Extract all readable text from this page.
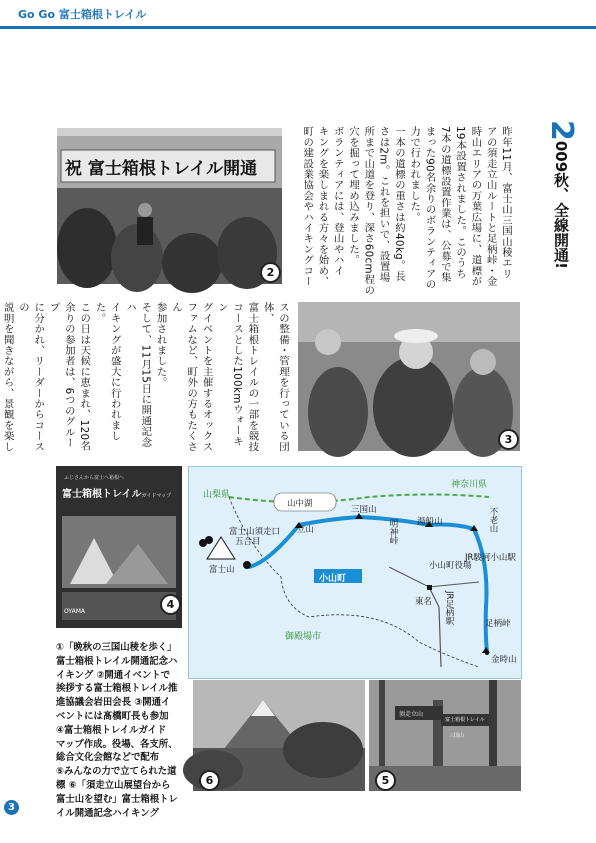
Go Go 富士箱根トレイル
2009秋、全線開通!
昨年11月、富士山三国山稜エリ
アの須走立山ルートと足柄峠・金
時山エリアの万葉広場に、道標が
19本設置されました。このうち
7本の道標設置作業は、公募で集
まった90名余りのボランティアの
力で行われました。
一本の道標の重さは約40kg。長
さは2m。これを担いで、設置場
所まで山道を登り、深さ60cm程の
穴を掘って埋め込みました。
ボランティアには、登山やハイ
キングを楽しまれる方々を始め、
町の建設業協会やハイキングコー
祝 富士箱根トレイル開通
2
3
スの整備・管理を行っている団体、
富士箱根トレイルの一部を競技
コースとした100kmウォーキン
グイベントを主催するオックス
ファムなど、町外の方もたくさん
参加されました。
そして、11月15日に開通記念ハ
イキングが盛大に行われました。
この日は天候に恵まれ、120名
余りの参加者は、6つのグループ
に分かれ、リーダーからコースの
説明を聞きながら、景観を楽し
ふじさんから富士へ箱根へ
富士箱根トレイルガイドマップ
OYAMA
4
山梨県
神奈川県
山中湖
富士山須走口
五合目
富士山
立山
三国山
明神峠 湯船山	不老山
小山町
小山町役場
JR駿河小山駅
JR足柄駅
東名
足柄峠
金時山
御殿場市
①「晩秋の三国山稜を歩く」
富士箱根トレイル開通記念ハ
イキング ②開通イベントで
挨拶する富士箱根トレイル推
進協議会岩田会長 ③開通イ
ベントには髙橋町長も参加
④富士箱根トレイルガイド
マップ作成。役場、各支所、
総合文化会館などで配布
⑤みんなの力で立てられた道
標 ⑥「須走立山展望台から
富士山を望む」富士箱根トレ
イル開通記念ハイキング
6
須走立山
富士箱根トレイル
三国山
5
3
